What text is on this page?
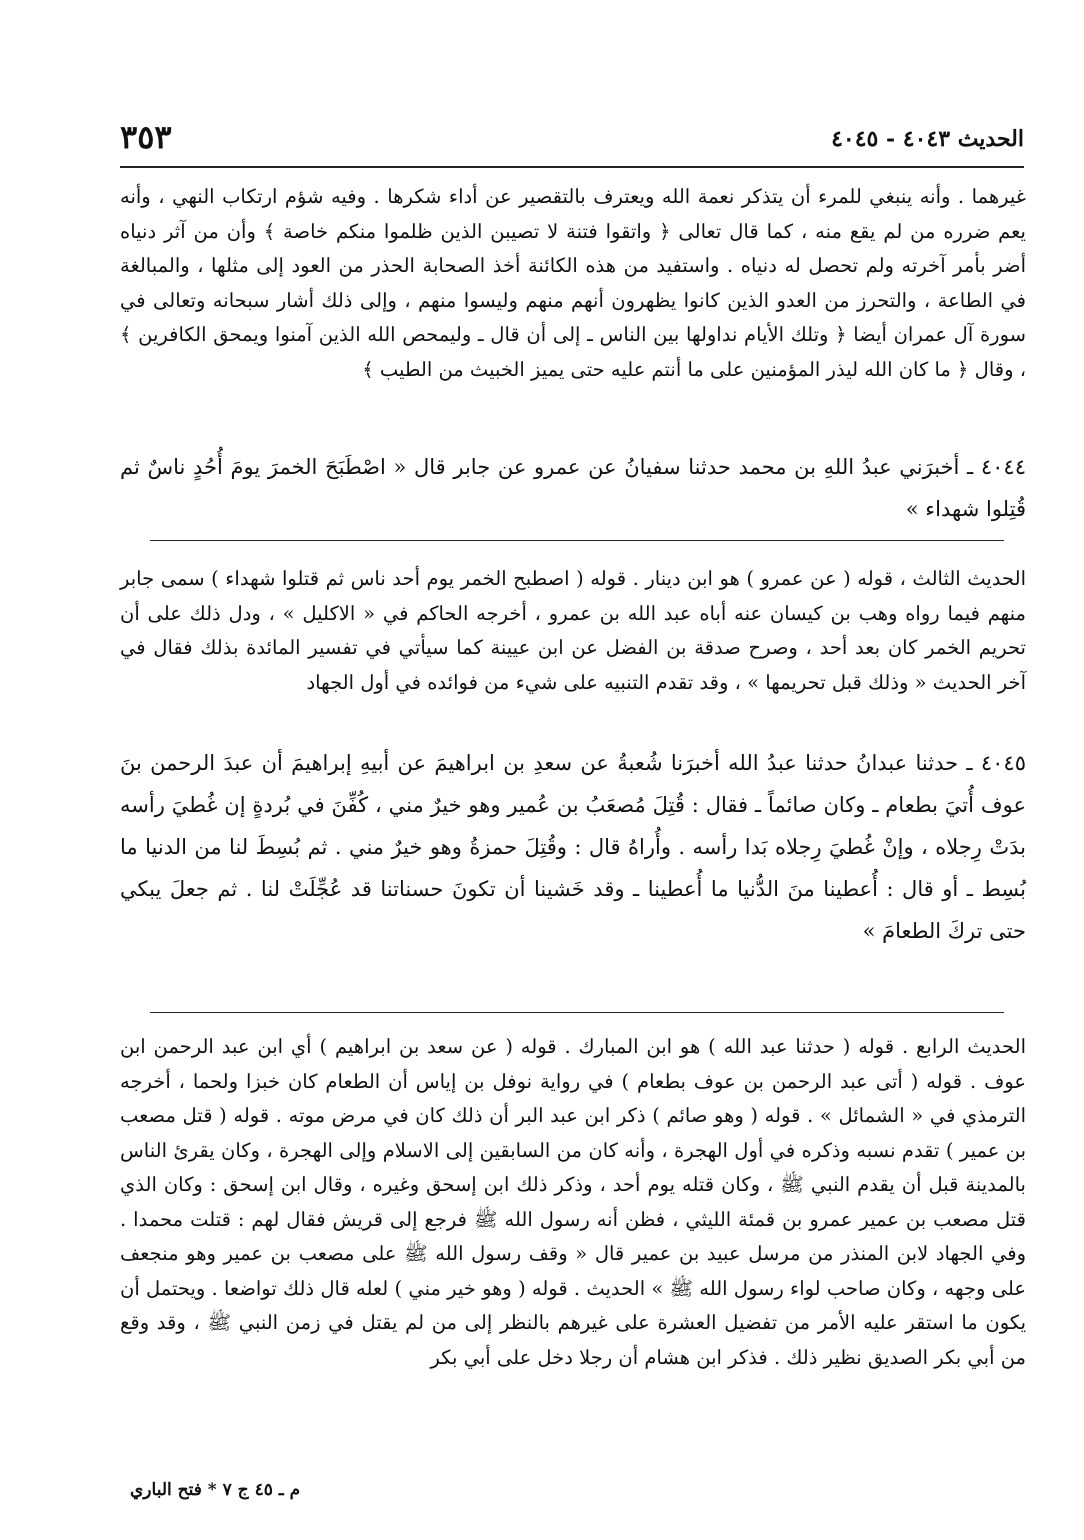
الحديث ٤٠٤٣ - ٤٠٤٥
٣٥٣

غيرهما . وأنه ينبغي للمرء أن يتذكر نعمة الله ويعترف بالتقصير عن أداء شكرها . وفيه شؤم ارتكاب النهي ، وأنه يعم ضرره من لم يقع منه ، كما قال تعالى ﴿ واتقوا فتنة لا تصيبن الذين ظلموا منكم خاصة ﴾ وأن من آثر دنياه أضر بأمر آخرته ولم تحصل له دنياه . واستفيد من هذه الكائنة أخذ الصحابة الحذر من العود إلى مثلها ، والمبالغة في الطاعة ، والتحرز من العدو الذين كانوا يظهرون أنهم منهم وليسوا منهم ، وإلى ذلك أشار سبحانه وتعالى في سورة آل عمران أيضا ﴿ وتلك الأيام نداولها بين الناس ـ إلى أن قال ـ وليمحص الله الذين آمنوا ويمحق الكافرين ﴾ ، وقال ﴿ ما كان الله ليذر المؤمنين على ما أنتم عليه حتى يميز الخبيث من الطيب ﴾

٤٠٤٤ ـ أخبرَني عبدُ اللهِ بن محمد حدثنا سفيانُ عن عمرو عن جابر قال « اصْطَبَحَ الخمرَ يومَ أُحُدٍ ناسٌ ثم قُتِلوا شهداء »

الحديث الثالث ، قوله ( عن عمرو ) هو ابن دينار . قوله ( اصطبح الخمر يوم أحد ناس ثم قتلوا شهداء ) سمى جابر منهم فيما رواه وهب بن كيسان عنه أباه عبد الله بن عمرو ، أخرجه الحاكم في « الاكليل » ، ودل ذلك على أن تحريم الخمر كان بعد أحد ، وصرح صدقة بن الفضل عن ابن عيينة كما سيأتي في تفسير المائدة بذلك فقال في آخر الحديث « وذلك قبل تحريمها » ، وقد تقدم التنبيه على شيء من فوائده في أول الجهاد

٤٠٤٥ ـ حدثنا عبدانُ حدثنا عبدُ الله أخبرَنا شُعبةُ عن سعدِ بن ابراهيمَ عن أبيهِ إبراهيمَ أن عبدَ الرحمن بنَ عوف أُتيَ بطعام ـ وكان صائماً ـ فقال : قُتِلَ مُصعَبُ بن عُمير وهو خيرٌ مني ، كُفِّنَ في بُردةٍ إن غُطيَ رأسه بدَتْ رِجلاه ، وإنْ غُطيَ رِجلاه بَدا رأسه . وأُراهُ قال : وقُتِلَ حمزةُ وهو خيرٌ مني . ثم بُسِطَ لنا من الدنيا ما بُسِط ـ أو قال : أُعطينا منَ الدُّنيا ما أُعطينا ـ وقد خَشينا أن تكونَ حسناتنا قد عُجِّلَتْ لنا . ثم جعلَ يبكي حتى تركَ الطعامَ »

الحديث الرابع . قوله ( حدثنا عبد الله ) هو ابن المبارك . قوله ( عن سعد بن ابراهيم ) أي ابن عبد الرحمن ابن عوف . قوله ( أتى عبد الرحمن بن عوف بطعام ) في رواية نوفل بن إياس أن الطعام كان خبزا ولحما ، أخرجه الترمذي في « الشمائل » . قوله ( وهو صائم ) ذكر ابن عبد البر أن ذلك كان في مرض موته . قوله ( قتل مصعب بن عمير ) تقدم نسبه وذكره في أول الهجرة ، وأنه كان من السابقين إلى الاسلام وإلى الهجرة ، وكان يقرئ الناس بالمدينة قبل أن يقدم النبي ﷺ ، وكان قتله يوم أحد ، وذكر ذلك ابن إسحق وغيره ، وقال ابن إسحق : وكان الذي قتل مصعب بن عمير عمرو بن قمئة الليثي ، فظن أنه رسول الله ﷺ فرجع إلى قريش فقال لهم : قتلت محمدا . وفي الجهاد لابن المنذر من مرسل عبيد بن عمير قال « وقف رسول الله ﷺ على مصعب بن عمير وهو منجعف على وجهه ، وكان صاحب لواء رسول الله ﷺ » الحديث . قوله ( وهو خير مني ) لعله قال ذلك تواضعا . ويحتمل أن يكون ما استقر عليه الأمر من تفضيل العشرة على غيرهم بالنظر إلى من لم يقتل في زمن النبي ﷺ ، وقد وقع من أبي بكر الصديق نظير ذلك . فذكر ابن هشام أن رجلا دخل على أبي بكر

م ـ ٤٥ ج ٧ * فتح الباري
